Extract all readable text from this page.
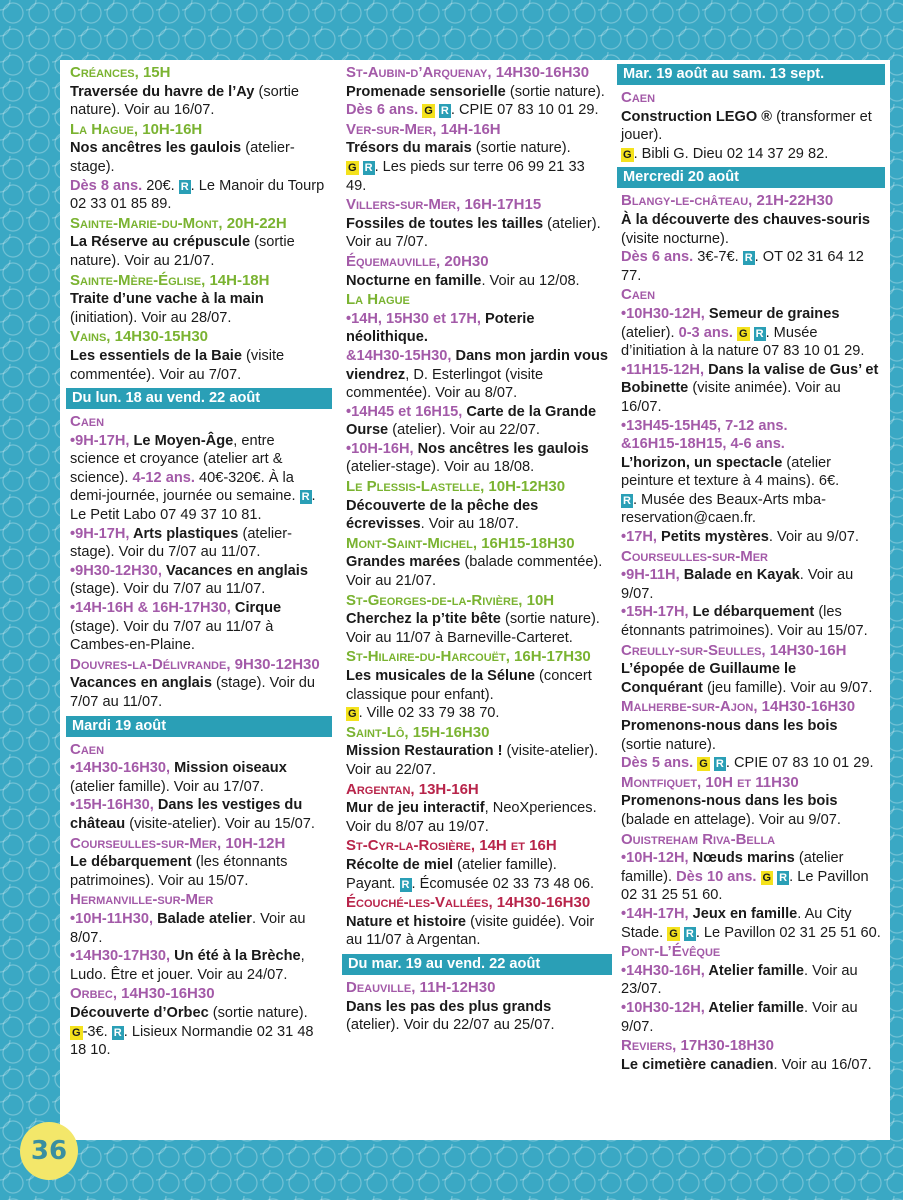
Créances, 15H
Traversée du havre de l’Ay (sortie nature). Voir au 16/07.
La Hague, 10H-16H
Nos ancêtres les gaulois (atelier-stage).
Dès 8 ans. 20€. R . Le Manoir du Tourp 02 33 01 85 89.
Sainte-Marie-du-Mont, 20H-22H
La Réserve au crépuscule (sortie nature). Voir au 21/07.
Sainte-Mère-Église, 14H-18H
Traite d’une vache à la main (initiation). Voir au 28/07.
Vains, 14H30-15H30
Les essentiels de la Baie (visite commentée). Voir au 7/07.
Du lun. 18 au vend. 22 août
Caen
•9H-17H, Le Moyen-Âge, entre science et croyance (atelier art & science). 4-12 ans. 40€-320€. À la demi-journée, journée ou semaine. R . Le Petit Labo 07 49 37 10 81.
•9H-17H, Arts plastiques (atelier-stage). Voir du 7/07 au 11/07.
•9H30-12H30, Vacances en anglais (stage). Voir du 7/07 au 11/07.
•14H-16H & 16H-17H30, Cirque (stage). Voir du 7/07 au 11/07 à Cambes-en-Plaine.
Douvres-la-Délivrande, 9H30-12H30
Vacances en anglais (stage). Voir du 7/07 au 11/07.
Mardi 19 août
Caen
•14H30-16H30, Mission oiseaux (atelier famille). Voir au 17/07.
•15H-16H30, Dans les vestiges du château (visite-atelier). Voir au 15/07.
Courseulles-sur-Mer, 10H-12H
Le débarquement (les étonnants patrimoines). Voir au 15/07.
Hermanville-sur-Mer
•10H-11H30, Balade atelier. Voir au 8/07.
•14H30-17H30, Un été à la Brèche, Ludo. Être et jouer. Voir au 24/07.
Orbec, 14H30-16H30
Découverte d’Orbec (sortie nature).
G -3€. R . Lisieux Normandie 02 31 48 18 10.
St-Aubin-d’Arquenay, 14H30-16H30
Promenade sensorielle (sortie nature).
Dès 6 ans. G R . CPIE 07 83 10 01 29.
Ver-sur-Mer, 14H-16H
Trésors du marais (sortie nature).
G R . Les pieds sur terre 06 99 21 33 49.
Villers-sur-Mer, 16H-17H15
Fossiles de toutes les tailles (atelier). Voir au 7/07.
Équemauville, 20H30
Nocturne en famille. Voir au 12/08.
La Hague
•14H, 15H30 et 17H, Poterie néolithique.
&14H30-15H30, Dans mon jardin vous viendrez, D. Esterlingot (visite commentée). Voir au 8/07.
•14H45 et 16H15, Carte de la Grande Ourse (atelier). Voir au 22/07.
•10H-16H, Nos ancêtres les gaulois (atelier-stage). Voir au 18/08.
Le Plessis-Lastelle, 10H-12H30
Découverte de la pêche des écrevisses. Voir au 18/07.
Mont-Saint-Michel, 16H15-18H30
Grandes marées (balade commentée). Voir au 21/07.
St-Georges-de-la-Rivière, 10H
Cherchez la p’tite bête (sortie nature). Voir au 11/07 à Barneville-Carteret.
St-Hilaire-du-Harcouët, 16H-17H30
Les musicales de la Sélune (concert classique pour enfant).
G . Ville 02 33 79 38 70.
Saint-Lô, 15H-16H30
Mission Restauration ! (visite-atelier). Voir au 22/07.
Argentan, 13H-16H
Mur de jeu interactif, NeoXperiences. Voir du 8/07 au 19/07.
St-Cyr-la-Rosière, 14H et 16H
Récolte de miel (atelier famille). Payant. R . Écomusée 02 33 73 48 06.
Écouché-les-Vallées, 14H30-16H30
Nature et histoire (visite guidée). Voir au 11/07 à Argentan.
Du mar. 19 au vend. 22 août
Deauville, 11H-12H30
Dans les pas des plus grands (atelier). Voir du 22/07 au 25/07.
Mar. 19 août au sam. 13 sept.
Caen
Construction LEGO ® (transformer et jouer).
G . Bibli G. Dieu 02 14 37 29 82.
Mercredi 20 août
Blangy-le-château, 21H-22H30
À la découverte des chauves-souris (visite nocturne).
Dès 6 ans. 3€-7€. R . OT 02 31 64 12 77.
Caen
•10H30-12H, Semeur de graines (atelier). 0-3 ans. G R . Musée d’initiation à la nature 07 83 10 01 29.
•11H15-12H, Dans la valise de Gus’ et Bobinette (visite animée). Voir au 16/07.
•13H45-15H45, 7-12 ans.
&16H15-18H15, 4-6 ans.
L’horizon, un spectacle (atelier peinture et texture à 4 mains). 6€.
R . Musée des Beaux-Arts mba-reservation@caen.fr.
•17H, Petits mystères. Voir au 9/07.
Courseulles-sur-Mer
•9H-11H, Balade en Kayak. Voir au 9/07.
•15H-17H, Le débarquement (les étonnants patrimoines). Voir au 15/07.
Creully-sur-Seulles, 14H30-16H
L’épopée de Guillaume le Conquérant (jeu famille). Voir au 9/07.
Malherbe-sur-Ajon, 14H30-16H30
Promenons-nous dans les bois (sortie nature).
Dès 5 ans. G R . CPIE 07 83 10 01 29.
Montfiquet, 10H et 11H30
Promenons-nous dans les bois (balade en attelage). Voir au 9/07.
Ouistreham Riva-Bella
•10H-12H, Nœuds marins (atelier famille). Dès 10 ans. G R . Le Pavillon 02 31 25 51 60.
•14H-17H, Jeux en famille. Au City Stade. G R . Le Pavillon 02 31 25 51 60.
Pont-L’Évêque
•14H30-16H, Atelier famille. Voir au 23/07.
•10H30-12H, Atelier famille. Voir au 9/07.
Reviers, 17H30-18H30
Le cimetière canadien. Voir au 16/07.
36
